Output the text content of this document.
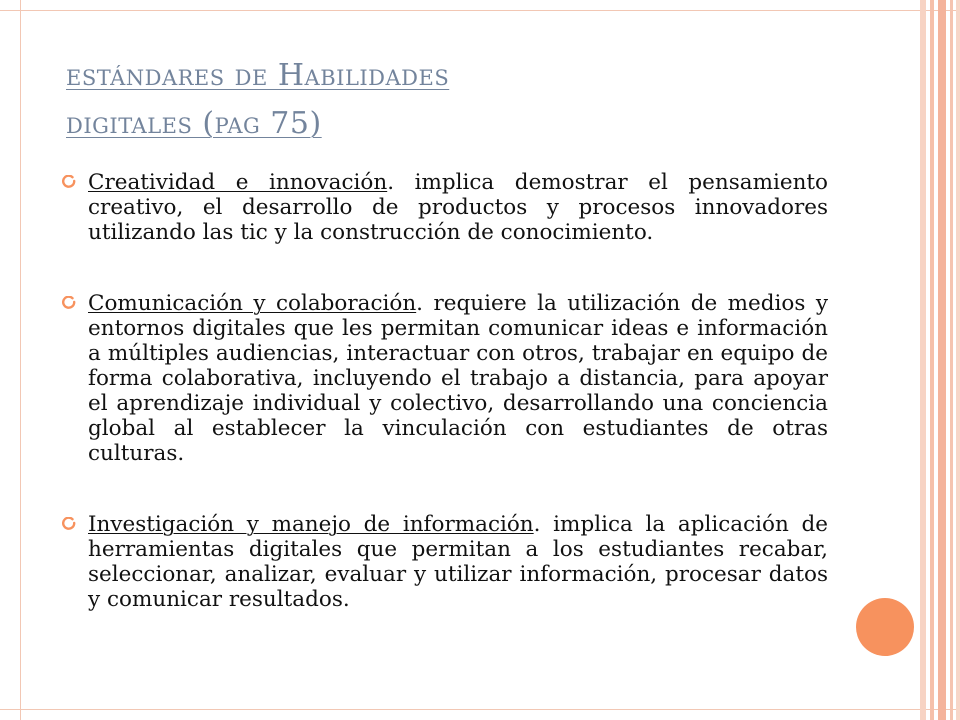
estándares de Habilidades
digitales (pag 75)
Creatividad e innovación. implica demostrar el pensamiento creativo, el desarrollo de productos y procesos innovadores utilizando las tic y la construcción de conocimiento.
Comunicación y colaboración. requiere la utilización de medios y entornos digitales que les permitan comunicar ideas e información a múltiples audiencias, interactuar con otros, trabajar en equipo de forma colaborativa, incluyendo el trabajo a distancia, para apoyar el aprendizaje individual y colectivo, desarrollando una conciencia global al establecer la vinculación con estudiantes de otras culturas.
Investigación y manejo de información. implica la aplicación de herramientas digitales que permitan a los estudiantes recabar, seleccionar, analizar, evaluar y utilizar información, procesar datos y comunicar resultados.
